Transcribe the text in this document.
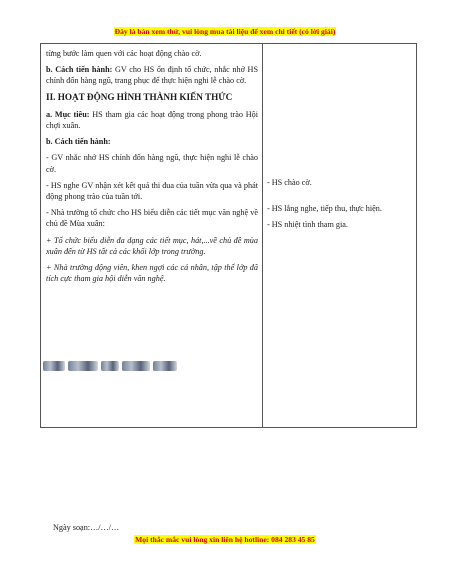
Đây là bản xem thử, vui lòng mua tài liệu để xem chi tiết (có lời giải)

từng bước làm quen với các hoạt động chào cờ.

b. Cách tiến hành: GV cho HS ổn định tổ chức, nhắc nhở HS chỉnh đốn hàng ngũ, trang phục để thực hiện nghi lễ chào cờ.

II. HOẠT ĐỘNG HÌNH THÀNH KIẾN THỨC

a. Mục tiêu: HS tham gia các hoạt động trong phong trào Hội chợi xuân.

b. Cách tiến hành:

- GV nhắc nhở HS chỉnh đốn hàng ngũ, thực hiện nghi lễ chào cờ.

- HS nghe GV nhận xét kết quả thi đua của tuần vừa qua và phát động phong trào của tuần tới.

- Nhà trường tổ chức cho HS biểu diễn các tiết mục văn nghệ về chủ đề Mùa xuân:

+ Tổ chức biểu diễn đa dạng các tiết mục, hát,...về chủ đề mùa xuân đến từ HS tất cả các khối lớp trong trường.

+ Nhà trường động viên, khen ngợi các cá nhân, tập thể lớp đã tích cực tham gia hội diễn văn nghệ.

- HS chào cờ.

- HS lắng nghe, tiếp thu, thực hiện.

- HS nhiệt tình tham gia.

Ngày soạn:…/…/…
Mọi thắc mắc vui lòng xin liên hệ hotline: 084 283 45 85
